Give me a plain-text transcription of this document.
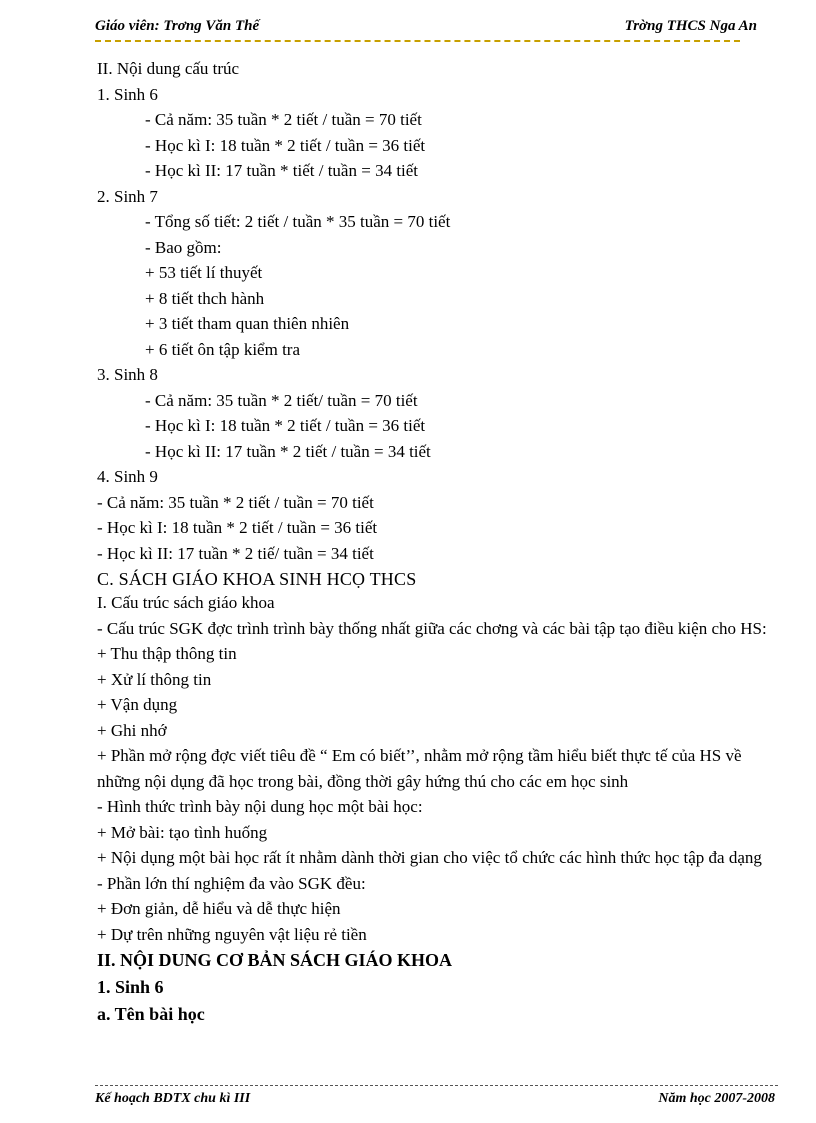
Giáo viên: Trơng Văn Thế	Trờng THCS Nga An
II. Nội dung cấu trúc
1. Sinh 6
- Cả năm: 35 tuần * 2 tiết / tuần = 70 tiết
- Học kì I: 18 tuần * 2 tiết / tuần = 36 tiết
- Học kì II: 17 tuần * tiết / tuần = 34 tiết
2. Sinh 7
- Tổng số tiết: 2 tiết / tuần * 35 tuần = 70 tiết
- Bao gồm:
+ 53 tiết lí thuyết
+ 8 tiết thch hành
+ 3 tiết tham quan thiên nhiên
+ 6 tiết ôn tập kiểm tra
3. Sinh 8
- Cả năm: 35 tuần * 2 tiết/ tuần = 70 tiết
- Học kì I: 18 tuần * 2 tiết / tuần = 36 tiết
- Học kì II: 17 tuần * 2 tiết / tuần = 34 tiết
4. Sinh 9
- Cả năm: 35 tuần * 2 tiết / tuần = 70 tiết
- Học kì I: 18 tuần * 2 tiết / tuần = 36 tiết
- Học kì II: 17 tuần * 2 tiế/ tuần = 34 tiết
C. SÁCH GIÁO KHOA SINH HCỌ THCS
I. Cấu trúc sách giáo khoa
- Cấu trúc SGK đợc trình trình bày thống nhất giữa các chơng và các bài tập tạo điều kiện cho HS:
+ Thu thập thông tin
+ Xử lí thông tin
+ Vận dụng
+ Ghi nhớ
+ Phần mở rộng đợc viết tiêu đề “ Em có biết’’, nhằm mở rộng tầm hiểu biết thực tế của HS về những nội dụng đã học trong bài, đồng thời gây hứng thú cho các em học sinh
- Hình thức trình bày nội dung học một bài học:
+ Mở bài: tạo tình huống
+ Nội dụng một bài học rất ít nhằm dành thời gian cho việc tổ chức các hình thức học tập đa dạng
- Phần lớn thí nghiệm đa vào SGK đều:
+ Đơn giản, dễ hiểu và dễ thực hiện
+ Dự trên những nguyên vật liệu rẻ tiền
II. NỘI DUNG CƠ BẢN SÁCH GIÁO KHOA
1. Sinh 6
a. Tên bài học
Kế hoạch BDTX chu kì III	Năm học 2007-2008
